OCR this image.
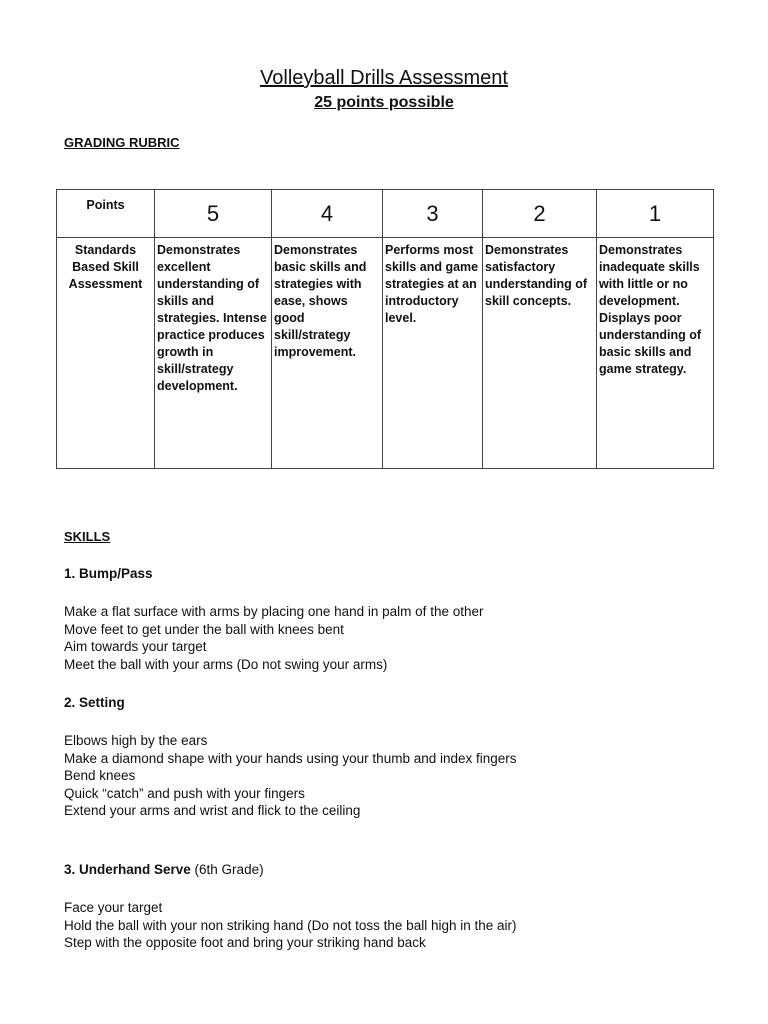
Volleyball Drills Assessment
25 points possible
GRADING RUBRIC
Points	5	4	3	2	1
Standards Based Skill Assessment	Demonstrates excellent understanding of skills and strategies. Intense practice produces growth in skill/strategy development.	Demonstrates basic skills and strategies with ease, shows good skill/strategy improvement.	Performs most skills and game strategies at an introductory level.	Demonstrates satisfactory understanding of skill concepts.	Demonstrates inadequate skills with little or no development. Displays poor understanding of basic skills and game strategy.
SKILLS
1. Bump/Pass
Make a flat surface with arms by placing one hand in palm of the other
Move feet to get under the ball with knees bent
Aim towards your target
Meet the ball with your arms (Do not swing your arms)
2. Setting
Elbows high by the ears
Make a diamond shape with your hands using your thumb and index fingers
Bend knees
Quick “catch” and push with your fingers
Extend your arms and wrist and flick to the ceiling
3. Underhand Serve (6th Grade)
Face your target
Hold the ball with your non striking hand (Do not toss the ball high in the air)
Step with the opposite foot and bring your striking hand back
